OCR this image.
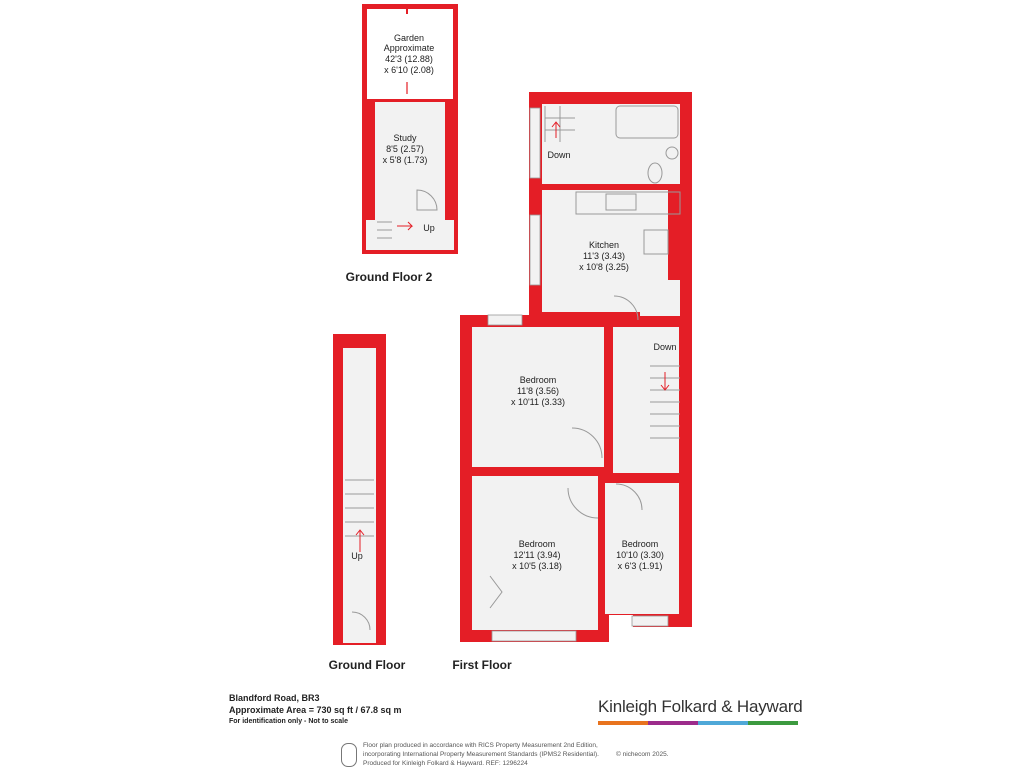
Garden
Approximate
42'3 (12.88)
x 6'10 (2.08)
Study
8'5 (2.57)
x 5'8 (1.73)
Up
Down
Kitchen
11'3 (3.43)
x 10'8 (3.25)
Down
Bedroom
11'8 (3.56)
x 10'11 (3.33)
Bedroom
12'11 (3.94)
x 10'5 (3.18)
Bedroom
10'10 (3.30)
x 6'3 (1.91)
Up
Ground Floor 2
Ground Floor	First Floor
Blandford Road, BR3
Approximate Area = 730 sq ft / 67.8 sq m
For identification only - Not to scale
Kinleigh Folkard & Hayward
Floor plan produced in accordance with RICS Property Measurement 2nd Edition,
incorporating International Property Measurement Standards (IPMS2 Residential).
Produced for Kinleigh Folkard & Hayward. REF: 1296224
© nichecom 2025.
